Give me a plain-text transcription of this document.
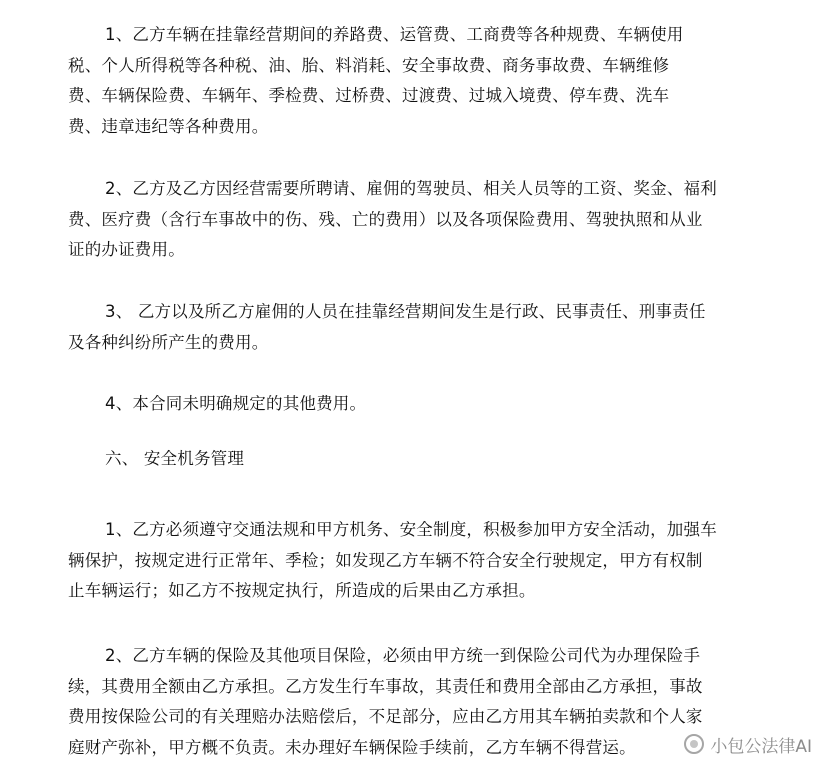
1、乙方车辆在挂靠经营期间的养路费、运管费、工商费等各种规费、车辆使用
税、个人所得税等各种税、油、胎、料消耗、安全事故费、商务事故费、车辆维修
费、车辆保险费、车辆年、季检费、过桥费、过渡费、过城入境费、停车费、洗车
费、违章违纪等各种费用。

2、乙方及乙方因经营需要所聘请、雇佣的驾驶员、相关人员等的工资、奖金、福利
费、医疗费（含行车事故中的伤、残、亡的费用）以及各项保险费用、驾驶执照和从业
证的办证费用。

3、 乙方以及所乙方雇佣的人员在挂靠经营期间发生是行政、民事责任、刑事责任
及各种纠纷所产生的费用。

4、本合同未明确规定的其他费用。

六、 安全机务管理

1、乙方必须遵守交通法规和甲方机务、安全制度，积极参加甲方安全活动，加强车
辆保护，按规定进行正常年、季检；如发现乙方车辆不符合安全行驶规定，甲方有权制
止车辆运行；如乙方不按规定执行，所造成的后果由乙方承担。

2、乙方车辆的保险及其他项目保险，必须由甲方统一到保险公司代为办理保险手
续，其费用全额由乙方承担。乙方发生行车事故，其责任和费用全部由乙方承担，事故
费用按保险公司的有关理赔办法赔偿后，不足部分，应由乙方用其车辆拍卖款和个人家
庭财产弥补，甲方概不负责。未办理好车辆保险手续前，乙方车辆不得营运。	小包公法律AI
